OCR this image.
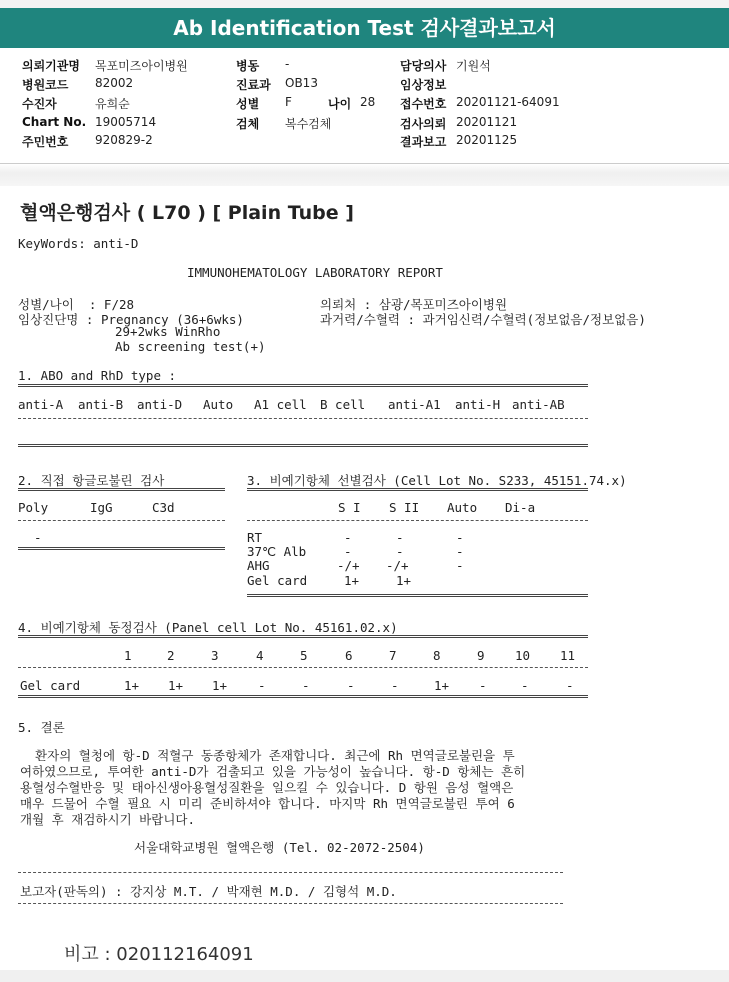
Ab Identification Test 검사결과보고서
의뢰기관명 목포미즈아이병원
병원코드 82002
수진자	유희순
Chart No. 19005714
주민번호 920829-2
병동 -
진료과 OB13
성별 F	나이 28
검체 복수검체
담당의사 기원석
임상정보
접수번호 20201121-64091
검사의뢰 20201121
결과보고 20201125
혈액은행검사 ( L70 ) [ Plain Tube ]
KeyWords: anti-D
IMMUNOHEMATOLOGY LABORATORY REPORT
성별/나이  : F/28
임상진단명 : Pregnancy (36+6wks)
29+2wks WinRho
Ab screening test(+)
의뢰처 : 삼광/목포미즈아이병원
과거력/수혈력 : 과거임신력/수혈력(정보없음/정보없음)
1. ABO and RhD type :
anti-A anti-B anti-D Auto A1 cell B cell anti-A1 anti-H anti-AB
2. 직접 항글로불린 검사
Poly	IgG	C3d
-
3. 비예기항체 선별검사 (Cell Lot No. S233, 45151.74.x)
S I S II Auto Di-a
RT	-	-	-
37℃ Alb	-	-	-
AHG	-/+ -/+	-
Gel card	1+	1+
4. 비예기항체 동정검사 (Panel cell Lot No. 45161.02.x)
1	2	3	4	5	6	7	8	9 10 11
Gel card	1+ 1+ 1+ -	-	-	-	1+ -	-	-
5. 결론
환자의 혈청에 항-D 적혈구 동종항체가 존재합니다. 최근에 Rh 면역글로불린을 투
여하였으므로, 투여한 anti-D가 검출되고 있을 가능성이 높습니다. 항-D 항체는 흔히
용혈성수혈반응 및 태아신생아용혈성질환을 일으킬 수 있습니다. D 항원 음성 혈액은
매우 드물어 수혈 필요 시 미리 준비하셔야 합니다. 마지막 Rh 면역글로불린 투여 6
개월 후 재검하시기 바랍니다.
서울대학교병원 혈액은행 (Tel. 02-2072-2504)
보고자(판독의) : 강지상 M.T. / 박재현 M.D. / 김형석 M.D.
비고 : 020112164091
